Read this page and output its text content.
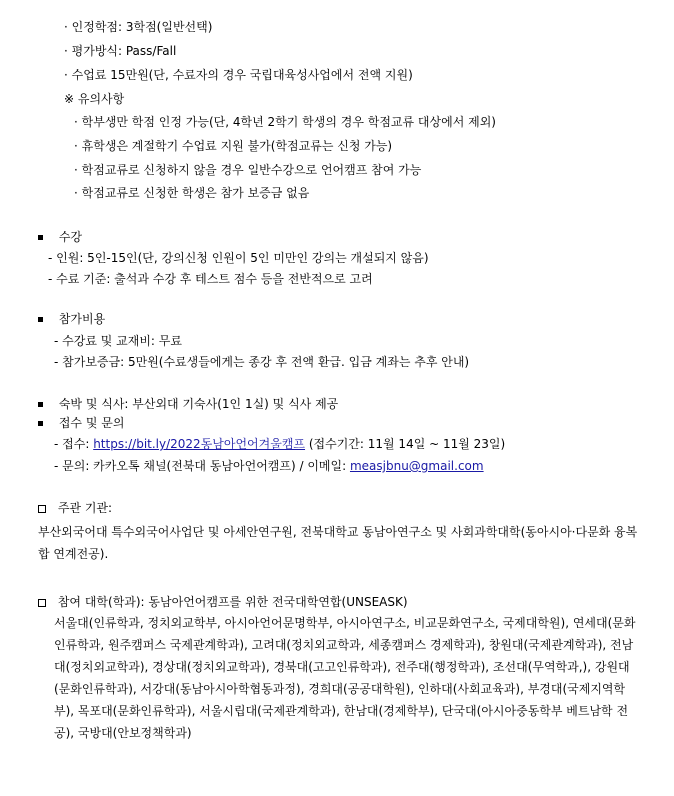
· 인정학점: 3학점(일반선택)
· 평가방식: Pass/Fall
· 수업료 15만원(단, 수료자의 경우 국립대육성사업에서 전액 지원)
※ 유의사항
· 학부생만 학점 인정 가능(단, 4학년 2학기 학생의 경우 학점교류 대상에서 제외)
· 휴학생은 계절학기 수업료 지원 불가(학점교류는 신청 가능)
· 학점교류로 신청하지 않을 경우 일반수강으로 언어캠프 참여 가능
· 학점교류로 신청한 학생은 참가 보증금 없음
수강
- 인원: 5인-15인(단, 강의신청 인원이 5인 미만인 강의는 개설되지 않음)
- 수료 기준: 출석과 수강 후 테스트 점수 등을 전반적으로 고려
참가비용
- 수강료 및 교재비: 무료
- 참가보증금: 5만원(수료생들에게는 종강 후 전액 환급. 입금 계좌는 추후 안내)
숙박 및 식사: 부산외대 기숙사(1인 1실) 및 식사 제공
접수 및 문의
- 접수: https://bit.ly/2022동남아언어겨울캠프 (접수기간: 11월 14일 ~ 11월 23일)
- 문의: 카카오톡 채널(전북대 동남아언어캠프) / 이메일: measjbnu@gmail.com
주관 기관:
부산외국어대 특수외국어사업단 및 아세안연구원, 전북대학교 동남아연구소 및 사회과학대학(동아시아·다문화 융복합 연계전공).
참여 대학(학과): 동남아언어캠프를 위한 전국대학연합(UNSEASK)
서울대(인류학과, 정치외교학부, 아시아언어문명학부, 아시아연구소, 비교문화연구소, 국제대학원), 연세대(문화인류학과, 원주캠퍼스 국제관계학과), 고려대(정치외교학과, 세종캠퍼스 경제학과), 창원대(국제관계학과), 전남대(정치외교학과), 경상대(정치외교학과), 경북대(고고인류학과), 전주대(행정학과), 조선대(무역학과,), 강원대(문화인류학과), 서강대(동남아시아학협동과정), 경희대(공공대학원), 인하대(사회교육과), 부경대(국제지역학부), 목포대(문화인류학과), 서울시립대(국제관계학과), 한남대(경제학부), 단국대(아시아중동학부 베트남학 전공), 국방대(안보정책학과)
